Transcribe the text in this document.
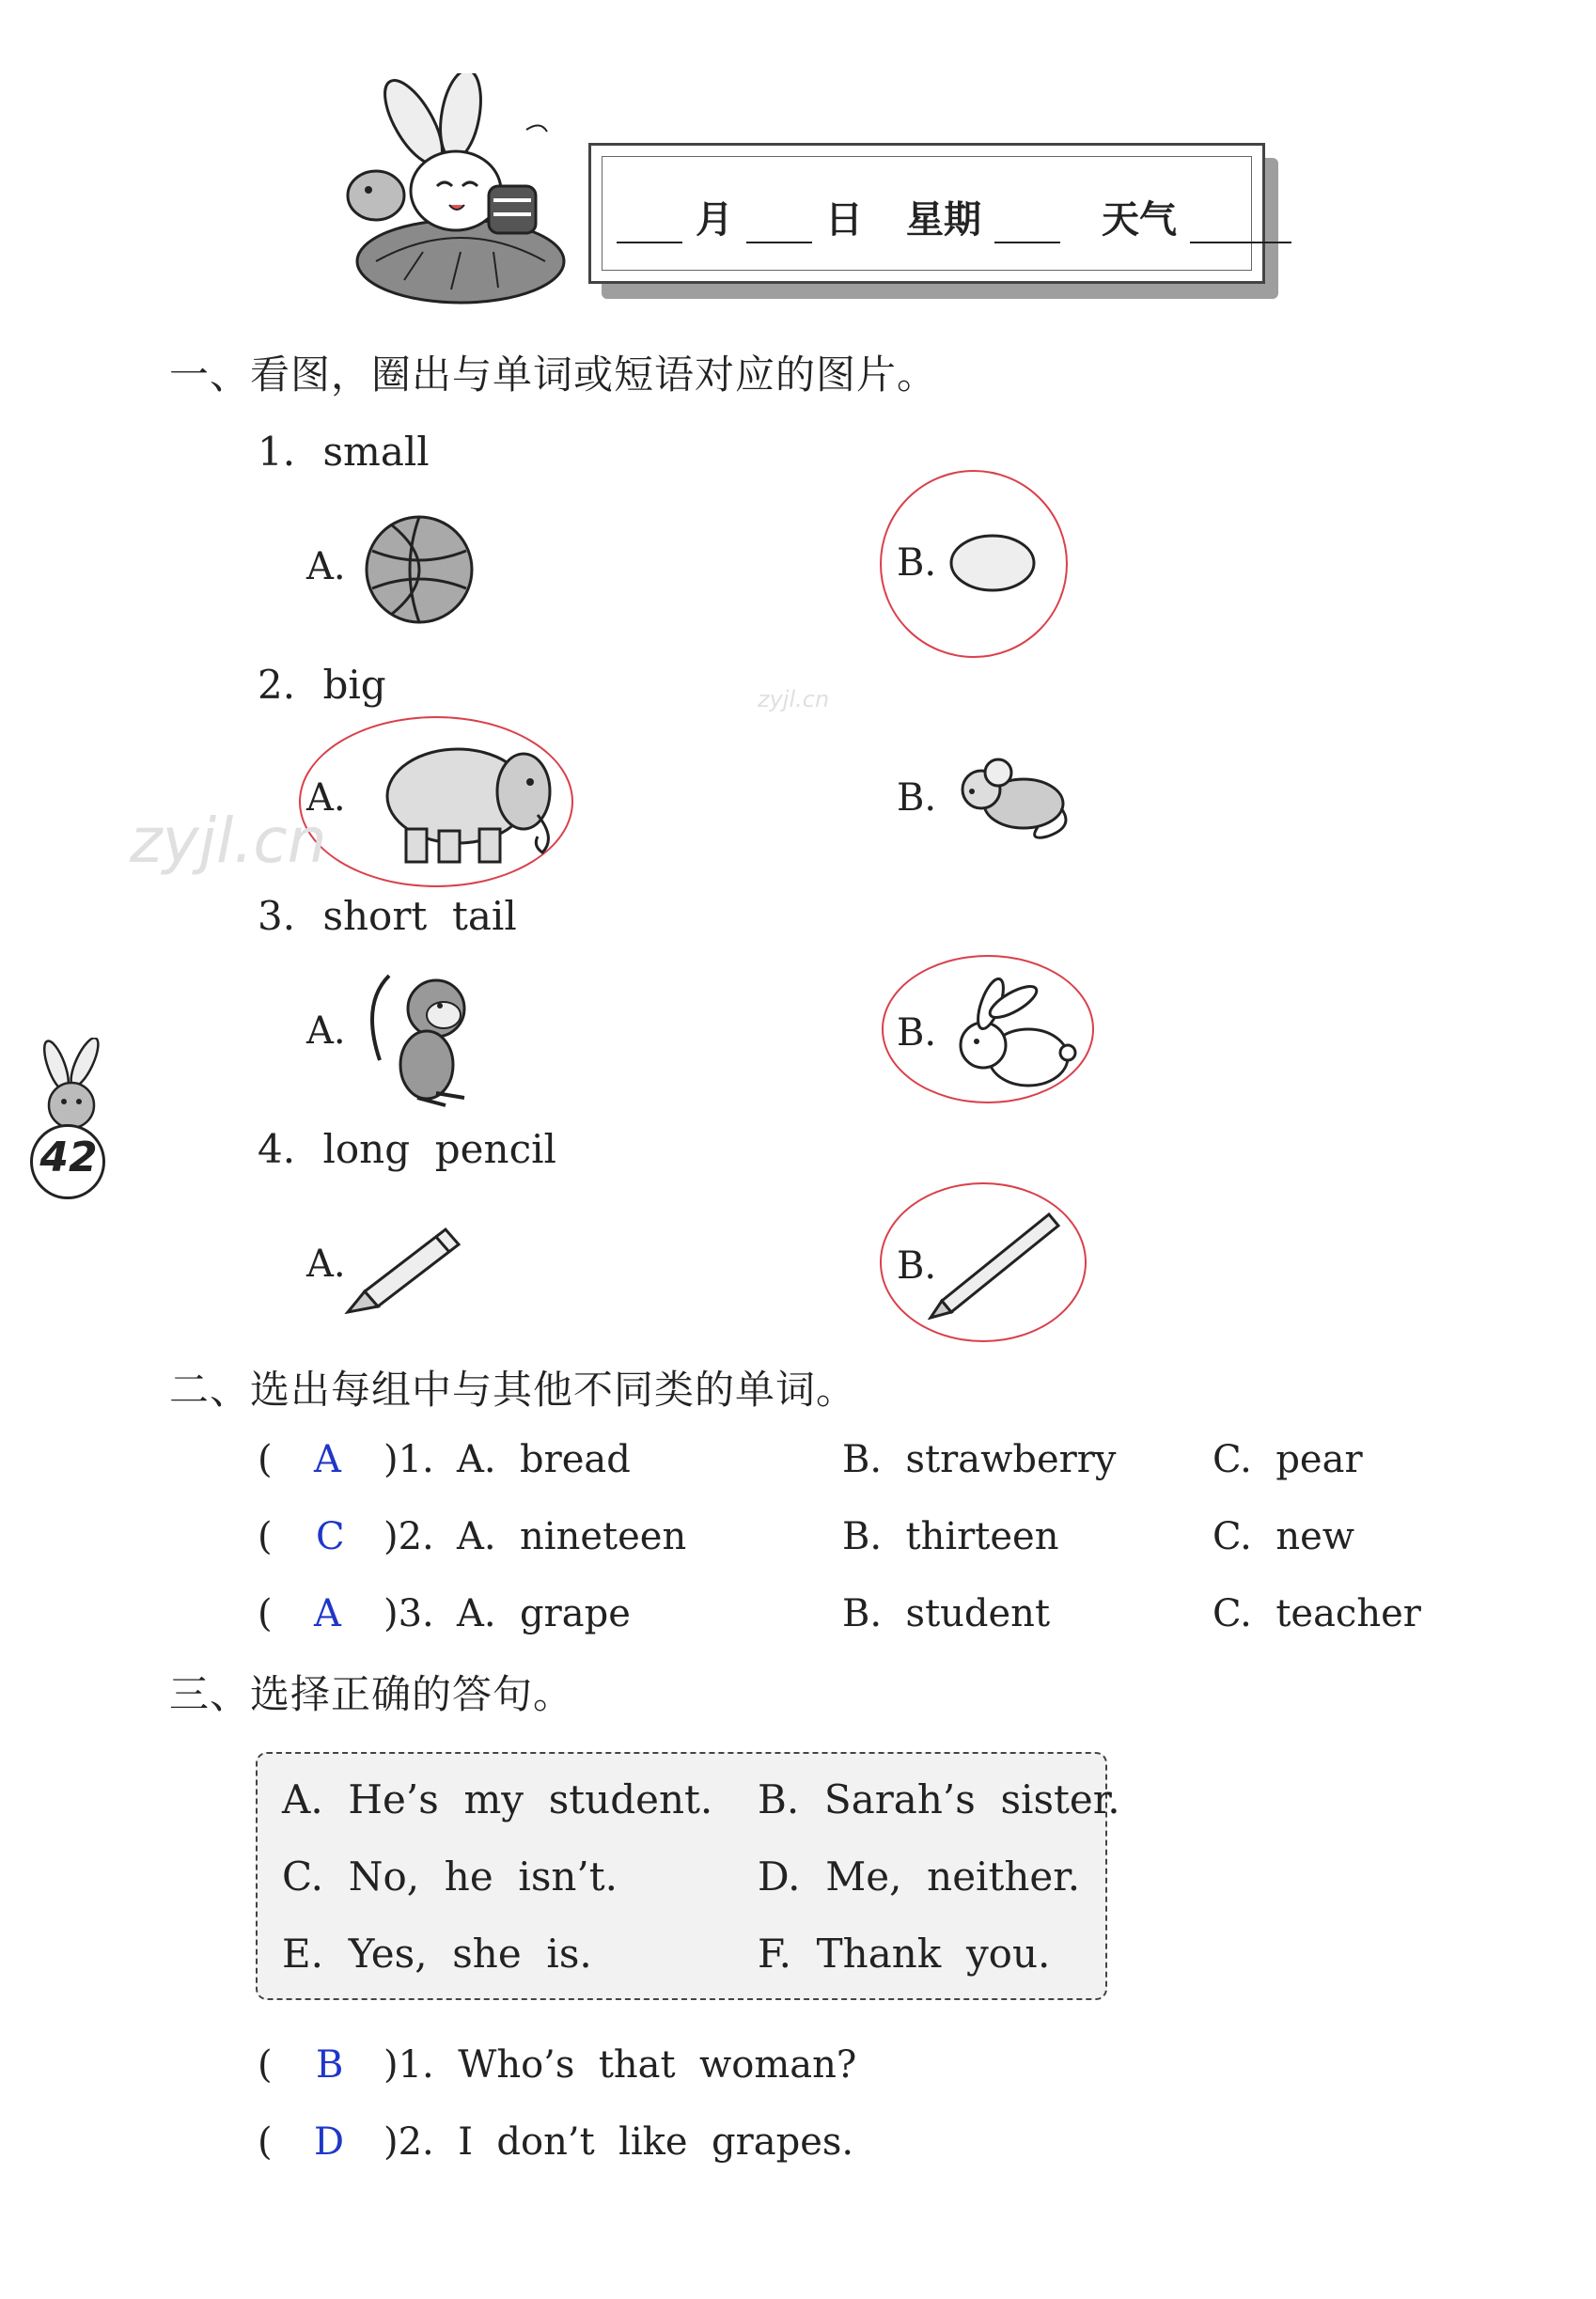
月 日 星期	天气
一、看图，圈出与单词或短语对应的图片。
1. small
A.	B.
zyjl.cn
2. big
A.	B.
zyjl.cn
3. short  tail
A.	B.
42	4. long  pencil
A.	B.
二、选出每组中与其他不同类的单词。
( A )1. A.  bread	B.  strawberry	C.  pear
( C )2. A.  nineteen	B.  thirteen	C.  new
( A )3. A.  grape	B.  student	C.  teacher
三、选择正确的答句。
A.  He’s  my  student. B.  Sarah’s  sister.
C.  No,  he  isn’t.	D.  Me,  neither.
E.  Yes,  she  is.	F.  Thank  you.
( B )1.  Who’s  that  woman?
( D )2.  I  don’t  like  grapes.
